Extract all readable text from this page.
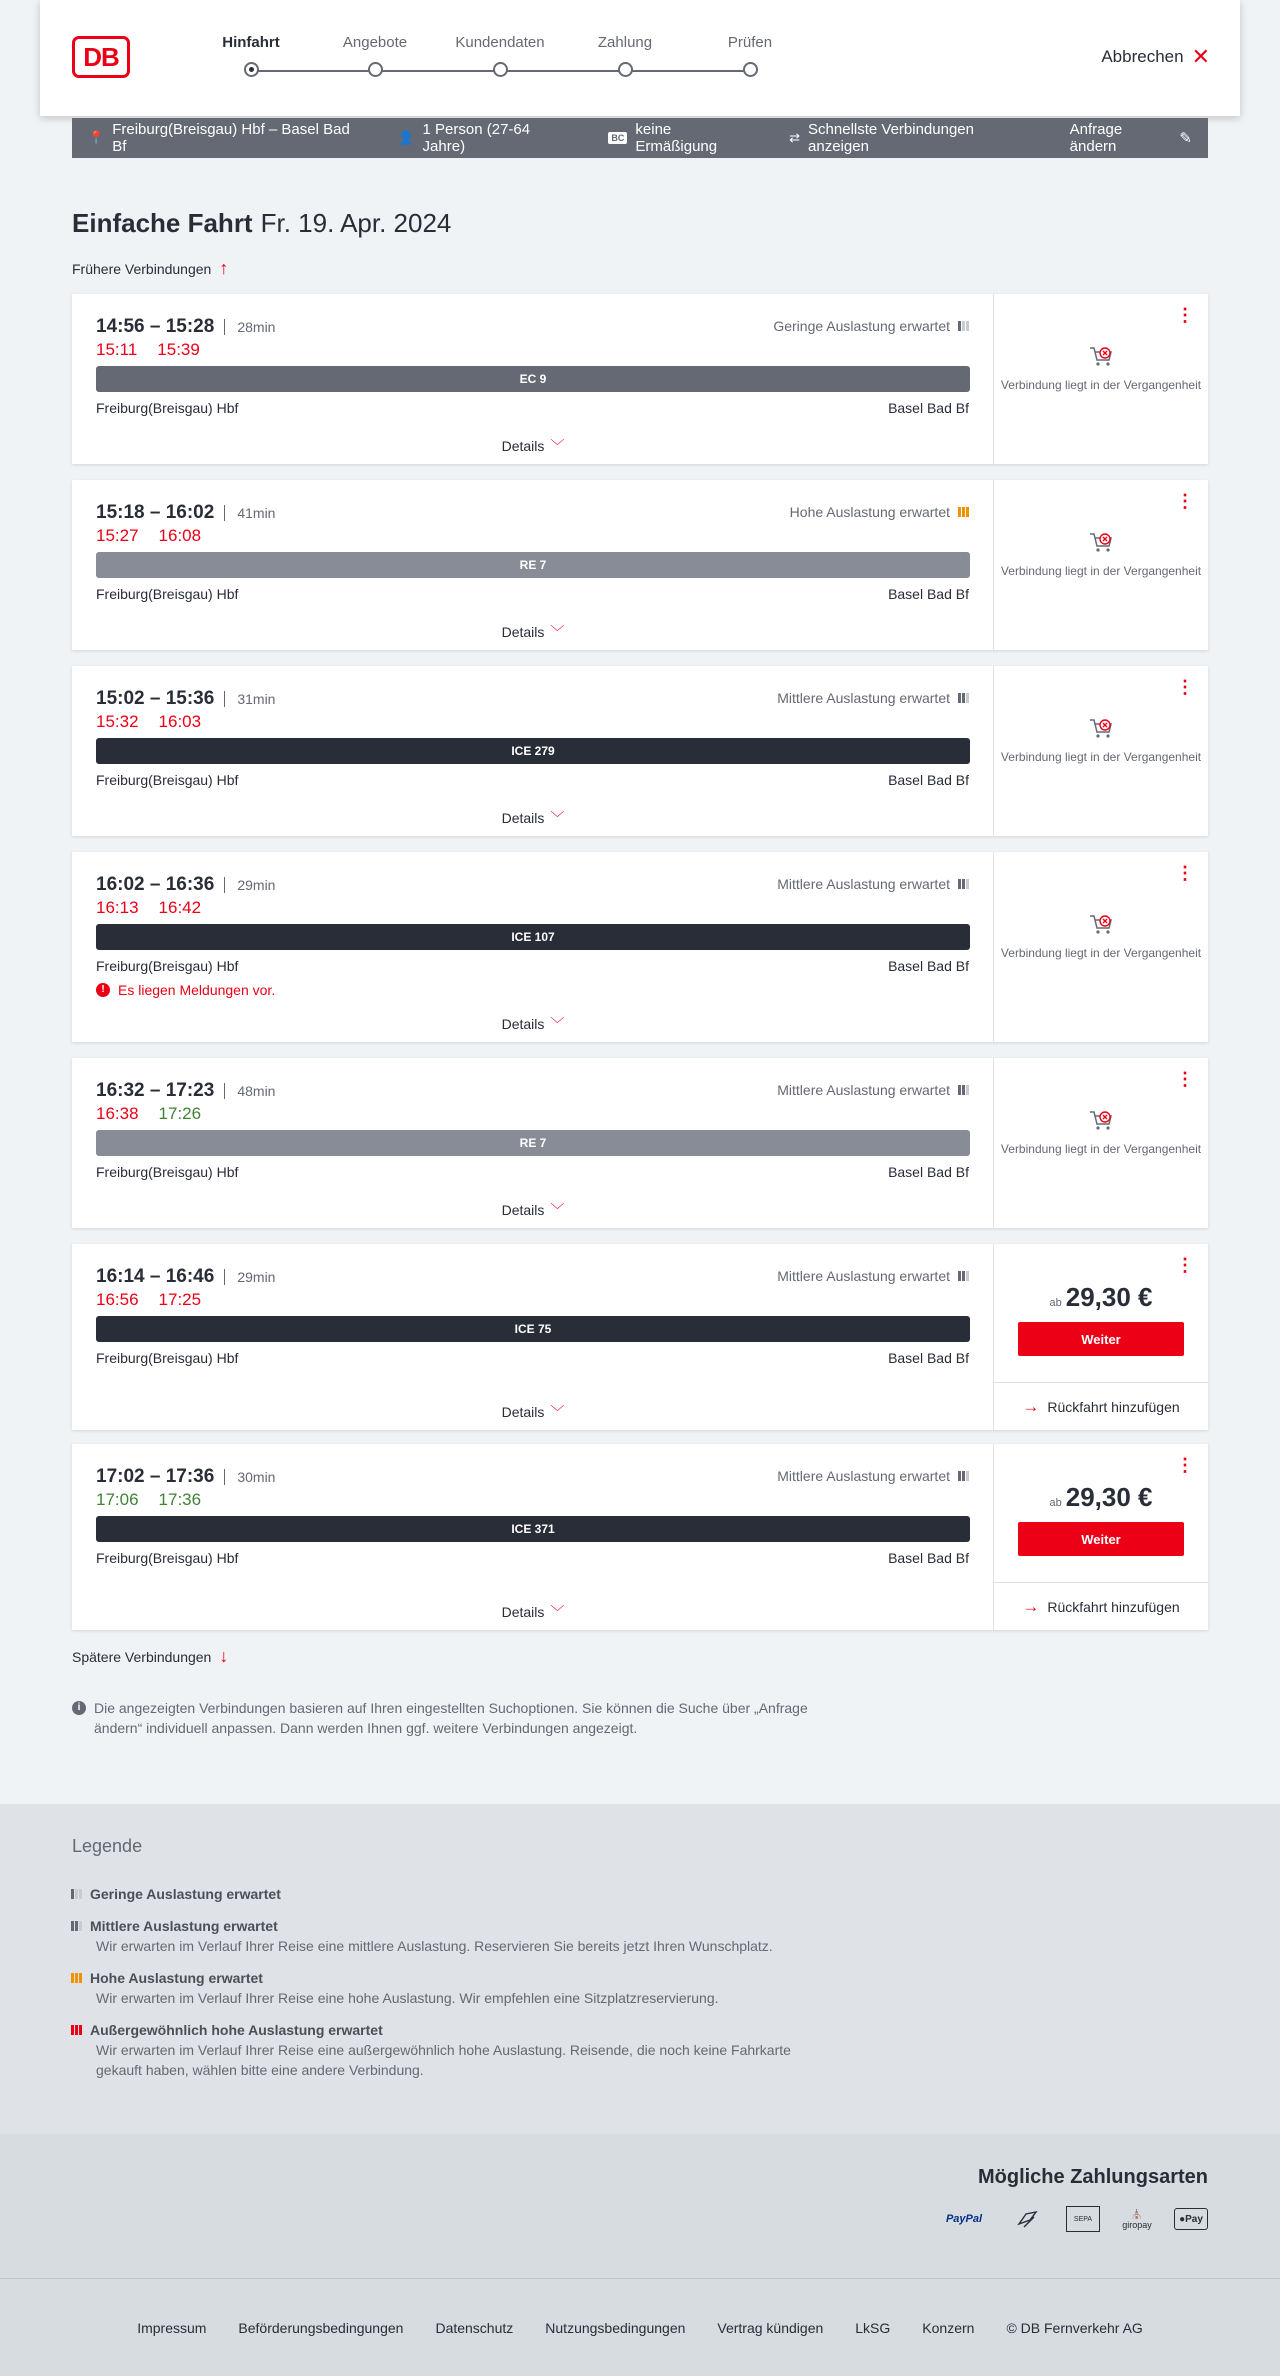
DB	Hinfahrt	Angebote	Kundendaten	Zahlung	Prüfen
Abbrechen ✕
📍 Freiburg(Breisgau) Hbf – Basel Bad Bf
👤 1 Person (27-64 Jahre)	BC keine Ermäßigung
⇄ Schnellste Verbindungen anzeigen
Anfrage ändern	✎
Einfache Fahrt Fr. 19. Apr. 2024
Frühere Verbindungen ↑
14:56 – 15:28 28min
15:11 15:39
Geringe Auslastung erwartet
EC 9
Freiburg(Breisgau) Hbf	Basel Bad Bf
Details ﹀
⋮
Verbindung liegt in der Vergangenheit
15:18 – 16:02 41min
15:27 16:08
Hohe Auslastung erwartet
RE 7
Freiburg(Breisgau) Hbf	Basel Bad Bf
Details ﹀
⋮
Verbindung liegt in der Vergangenheit
15:02 – 15:36 31min
15:32 16:03
Mittlere Auslastung erwartet
ICE 279
Freiburg(Breisgau) Hbf	Basel Bad Bf
Details ﹀
⋮
Verbindung liegt in der Vergangenheit
16:02 – 16:36 29min
16:13 16:42
Mittlere Auslastung erwartet
ICE 107
Freiburg(Breisgau) Hbf	Basel Bad Bf
! Es liegen Meldungen vor.
Details ﹀
⋮
Verbindung liegt in der Vergangenheit
16:32 – 17:23 48min
16:38 17:26
Mittlere Auslastung erwartet
RE 7
Freiburg(Breisgau) Hbf	Basel Bad Bf
Details ﹀
⋮
Verbindung liegt in der Vergangenheit
16:14 – 16:46 29min
16:56 17:25
Mittlere Auslastung erwartet
ICE 75
Freiburg(Breisgau) Hbf	Basel Bad Bf
Details ﹀
⋮
ab 29,30 €
Weiter
→ Rückfahrt hinzufügen
17:02 – 17:36 30min
17:06 17:36
Mittlere Auslastung erwartet
ICE 371
Freiburg(Breisgau) Hbf	Basel Bad Bf
Details ﹀
⋮
ab 29,30 €
Weiter
→ Rückfahrt hinzufügen
Spätere Verbindungen ↓
i Die angezeigten Verbindungen basieren auf Ihren eingestellten Suchoptionen. Sie können die Suche über „Anfrage ändern“ individuell anpassen. Dann werden Ihnen ggf. weitere Verbindungen angezeigt.
Legende
Geringe Auslastung erwartet
Mittlere Auslastung erwartet
Wir erwarten im Verlauf Ihrer Reise eine mittlere Auslastung. Reservieren Sie bereits jetzt Ihren Wunschplatz.
Hohe Auslastung erwartet
Wir erwarten im Verlauf Ihrer Reise eine hohe Auslastung. Wir empfehlen eine Sitzplatzreservierung.
Außergewöhnlich hohe Auslastung erwartet
Wir erwarten im Verlauf Ihrer Reise eine außergewöhnlich hohe Auslastung. Reisende, die noch keine Fahrkarte gekauft haben, wählen bitte eine andere Verbindung.
Mögliche Zahlungsarten
PayPal	SEPA
⛪
giropay	● Pay
Impressum Beförderungsbedingungen Datenschutz Nutzungsbedingungen Vertrag kündigen LkSG Konzern © DB Fernverkehr AG
